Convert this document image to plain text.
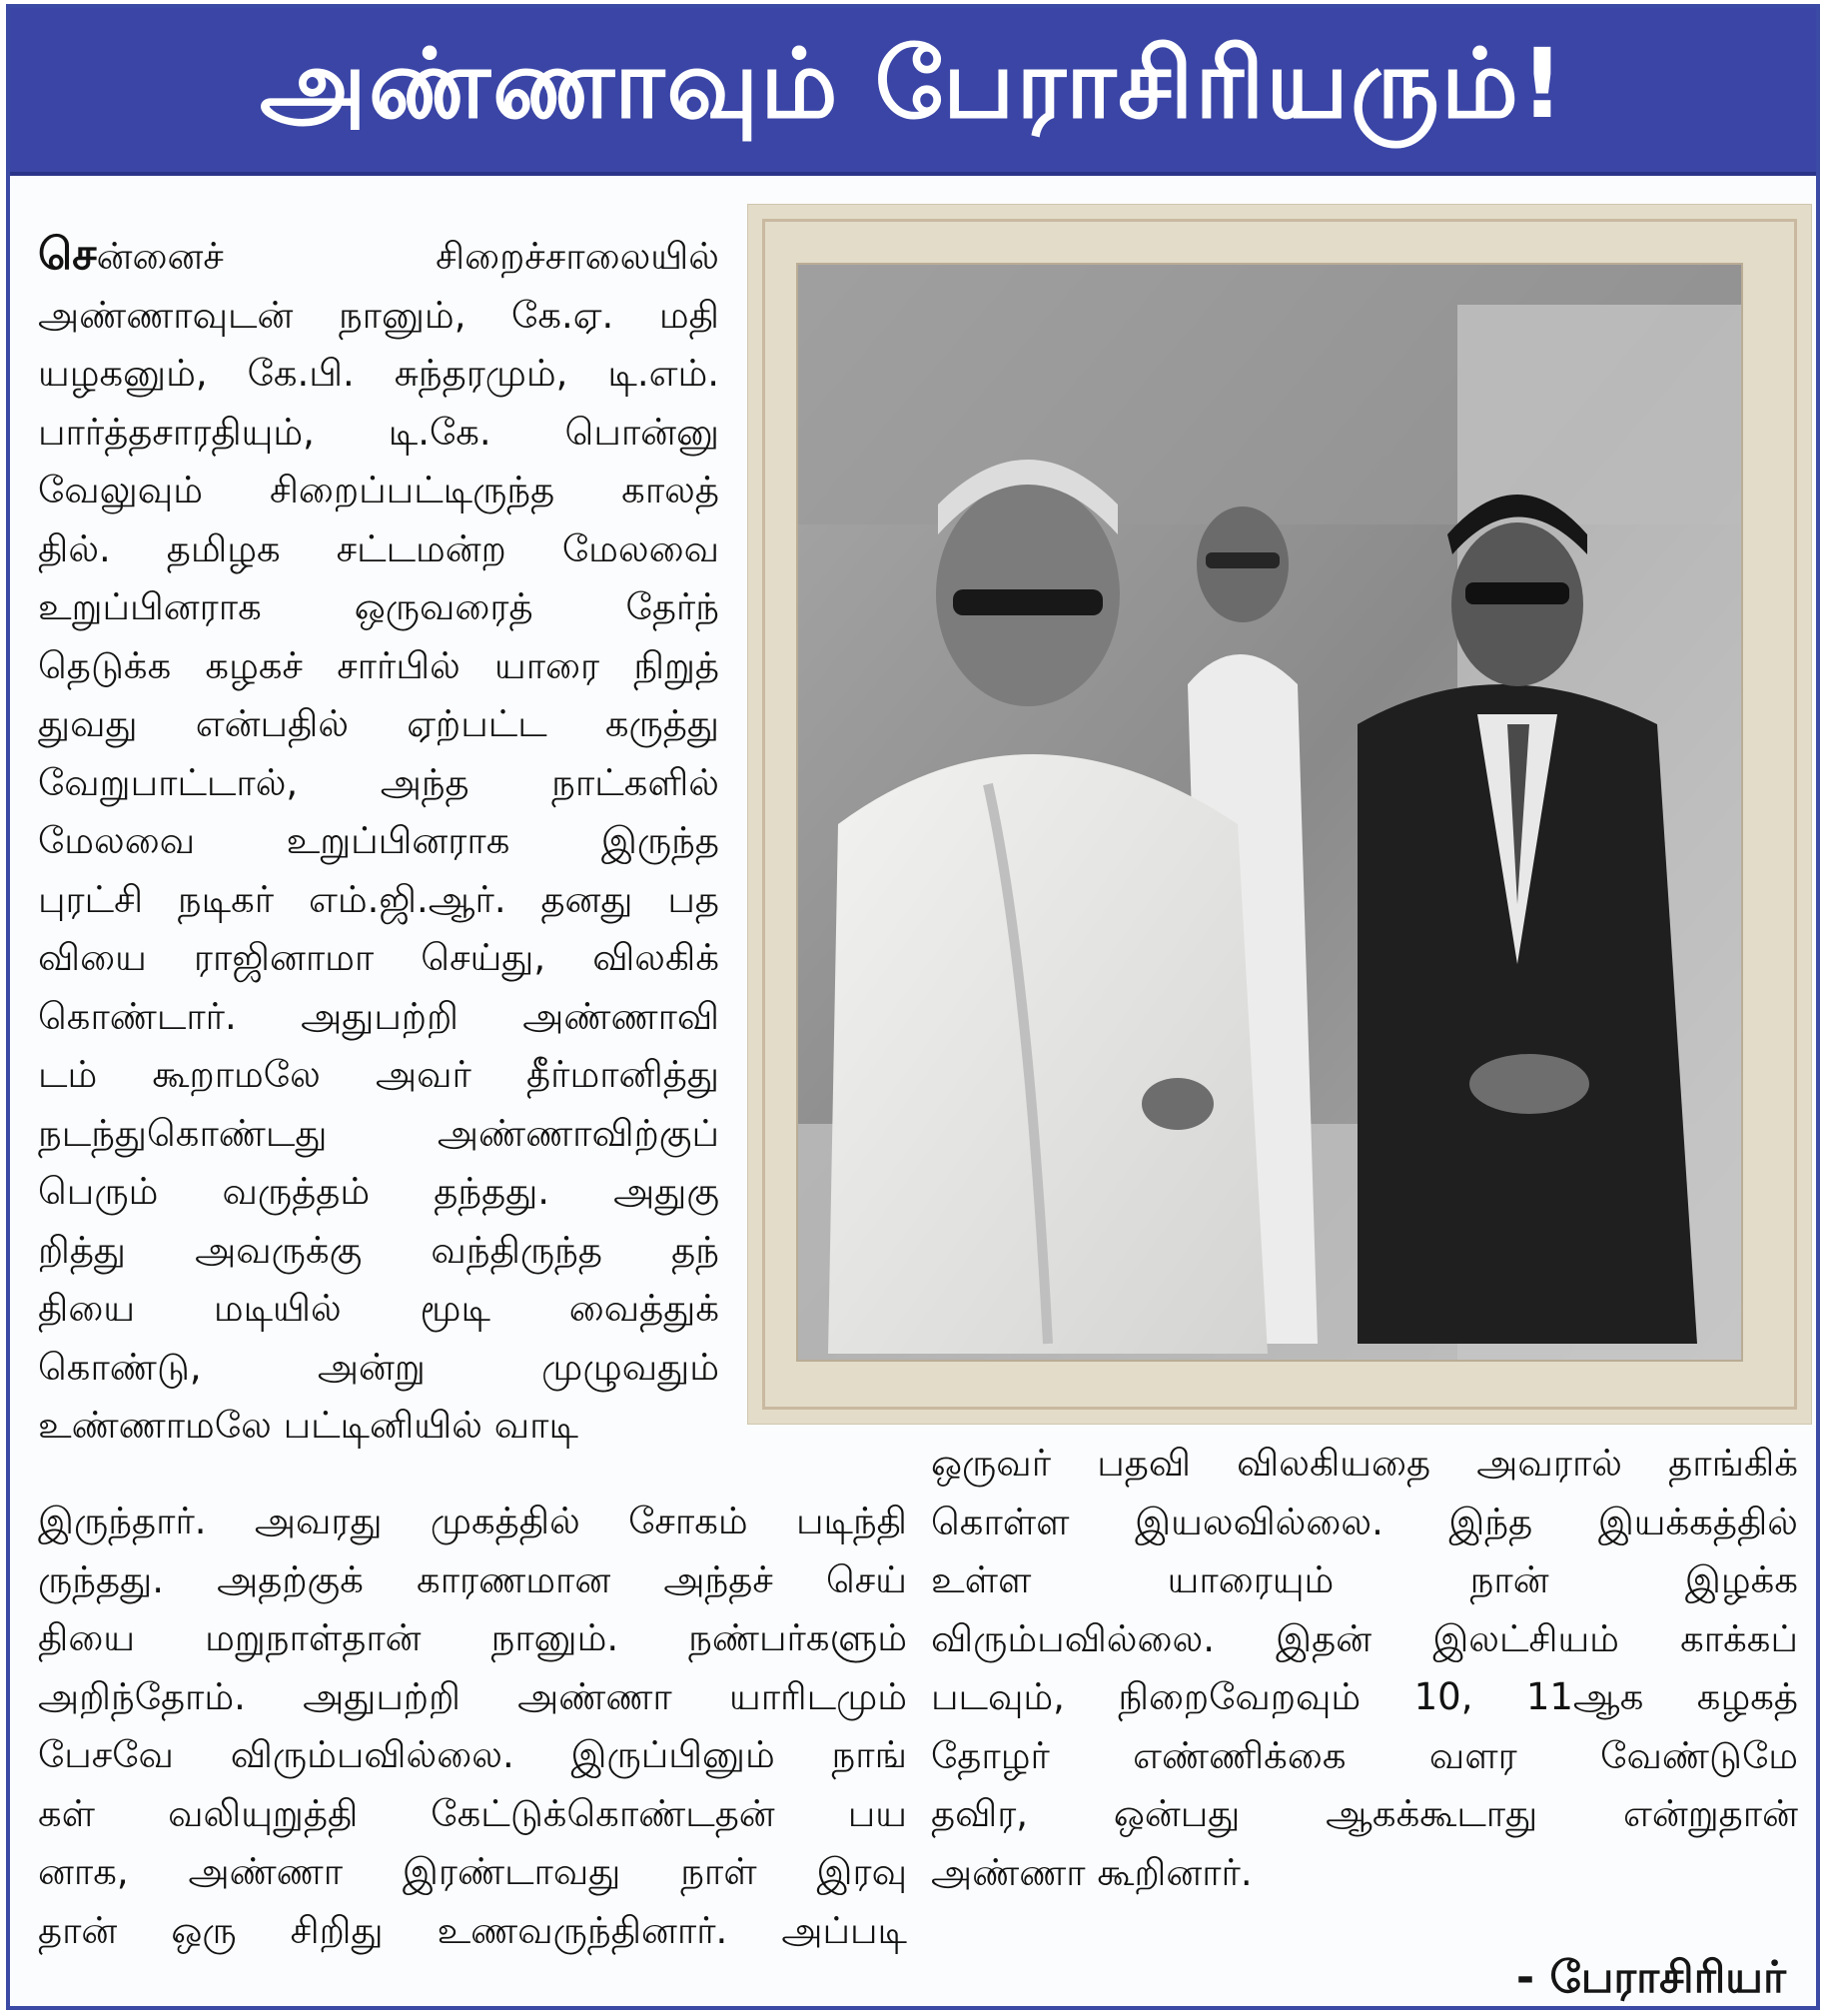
அண்ணாவும் பேராசிரியரும்!
சென்னைச் சிறைச்சாலையில்
அண்ணாவுடன் நானும், கே.ஏ. மதி
யழகனும், கே.பி. சுந்தரமும், டி.எம்.
பார்த்தசாரதியும், டி.கே. பொன்னு
வேலுவும் சிறைப்பட்டிருந்த காலத்
தில். தமிழக சட்டமன்ற மேலவை
உறுப்பினராக ஒருவரைத் தேர்ந்
தெடுக்க கழகச் சார்பில் யாரை நிறுத்
துவது என்பதில் ஏற்பட்ட கருத்து
வேறுபாட்டால், அந்த நாட்களில்
மேலவை உறுப்பினராக இருந்த
புரட்சி நடிகர் எம்.ஜி.ஆர். தனது பத
வியை ராஜினாமா செய்து, விலகிக்
கொண்டார். அதுபற்றி அண்ணாவி
டம் கூறாமலே அவர் தீர்மானித்து
நடந்துகொண்டது அண்ணாவிற்குப்
பெரும் வருத்தம் தந்தது. அதுகு
றித்து அவருக்கு வந்திருந்த தந்
தியை மடியில் மூடி வைத்துக்
கொண்டு, அன்று முழுவதும்
உண்ணாமலே பட்டினியில் வாடி
இருந்தார். அவரது முகத்தில் சோகம் படிந்தி
ருந்தது. அதற்குக் காரணமான அந்தச் செய்
தியை மறுநாள்தான் நானும். நண்பர்களும்
அறிந்தோம். அதுபற்றி அண்ணா யாரிடமும்
பேசவே விரும்பவில்லை. இருப்பினும் நாங்
கள் வலியுறுத்தி கேட்டுக்கொண்டதன் பய
னாக, அண்ணா இரண்டாவது நாள் இரவு
தான் ஒரு சிறிது உணவருந்தினார். அப்படி
ஒருவர் பதவி விலகியதை அவரால் தாங்கிக்
கொள்ள இயலவில்லை. இந்த இயக்கத்தில்
உள்ள யாரையும் நான் இழக்க
விரும்பவில்லை. இதன் இலட்சியம் காக்கப்
படவும், நிறைவேறவும் 10, 11ஆக கழகத்
தோழர் எண்ணிக்கை வளர வேண்டுமே
தவிர, ஒன்பது ஆகக்கூடாது என்றுதான்
அண்ணா கூறினார்.
- பேராசிரியர்
